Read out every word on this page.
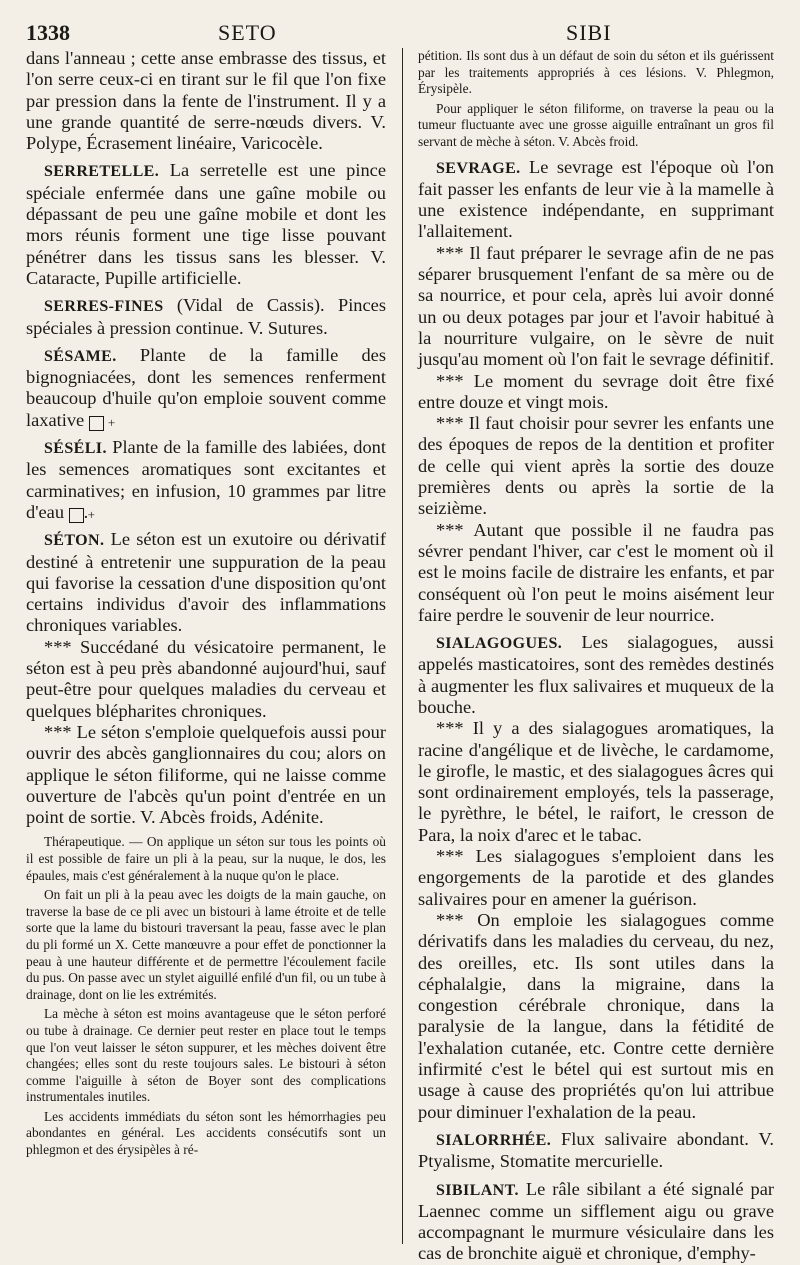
1338	SETO	SIBI

dans l'anneau ; cette anse embrasse des tissus, et l'on serre ceux-ci en tirant sur le fil que l'on fixe par pression dans la fente de l'instrument. Il y a une grande quantité de serre-nœuds divers. V. Polype, Écrasement linéaire, Varicocèle.

SERRETELLE. La serretelle est une pince spéciale enfermée dans une gaîne mobile ou dépassant de peu une gaîne mobile et dont les mors réunis forment une tige lisse pouvant pénétrer dans les tissus sans les blesser. V. Cataracte, Pupille artificielle.

SERRES-FINES (Vidal de Cassis). Pinces spéciales à pression continue. V. Sutures.

SÉSAME. Plante de la famille des bignogniacées, dont les semences renferment beaucoup d'huile qu'on emploie souvent comme laxative +

SÉSÉLI. Plante de la famille des labiées, dont les semences aromatiques sont excitantes et carminatives; en infusion, 10 grammes par litre d'eau +.

SÉTON. Le séton est un exutoire ou dérivatif destiné à entretenir une suppuration de la peau qui favorise la cessation d'une disposition qu'ont certains individus d'avoir des inflammations chroniques variables.

*** Succédané du vésicatoire permanent, le séton est à peu près abandonné aujourd'hui, sauf peut-être pour quelques maladies du cerveau et quelques blépharites chroniques.

*** Le séton s'emploie quelquefois aussi pour ouvrir des abcès ganglionnaires du cou; alors on applique le séton filiforme, qui ne laisse comme ouverture de l'abcès qu'un point d'entrée en un point de sortie. V. Abcès froids, Adénite.

Thérapeutique. — On applique un séton sur tous les points où il est possible de faire un pli à la peau, sur la nuque, le dos, les épaules, mais c'est généralement à la nuque qu'on le place.

On fait un pli à la peau avec les doigts de la main gauche, on traverse la base de ce pli avec un bistouri à lame étroite et de telle sorte que la lame du bistouri traversant la peau, fasse avec le plan du pli formé un X. Cette manœuvre a pour effet de ponctionner la peau à une hauteur différente et de permettre l'écoulement facile du pus. On passe avec un stylet aiguillé enfilé d'un fil, ou un tube à drainage, dont on lie les extrémités.

La mèche à séton est moins avantageuse que le séton perforé ou tube à drainage. Ce dernier peut rester en place tout le temps que l'on veut laisser le séton suppurer, et les mèches doivent être changées; elles sont du reste toujours sales. Le bistouri à séton comme l'aiguille à séton de Boyer sont des complications instrumentales inutiles.

Les accidents immédiats du séton sont les hémorrhagies peu abondantes en général. Les accidents consécutifs sont un phlegmon et des érysipèles à ré-

pétition. Ils sont dus à un défaut de soin du séton et ils guérissent par les traitements appropriés à ces lésions. V. Phlegmon, Érysipèle.

Pour appliquer le séton filiforme, on traverse la peau ou la tumeur fluctuante avec une grosse aiguille entraînant un gros fil servant de mèche à séton. V. Abcès froid.

SEVRAGE. Le sevrage est l'époque où l'on fait passer les enfants de leur vie à la mamelle à une existence indépendante, en supprimant l'allaitement.

*** Il faut préparer le sevrage afin de ne pas séparer brusquement l'enfant de sa mère ou de sa nourrice, et pour cela, après lui avoir donné un ou deux potages par jour et l'avoir habitué à la nourriture vulgaire, on le sèvre de nuit jusqu'au moment où l'on fait le sevrage définitif.

*** Le moment du sevrage doit être fixé entre douze et vingt mois.

*** Il faut choisir pour sevrer les enfants une des époques de repos de la dentition et profiter de celle qui vient après la sortie des douze premières dents ou après la sortie de la seizième.

*** Autant que possible il ne faudra pas sévrer pendant l'hiver, car c'est le moment où il est le moins facile de distraire les enfants, et par conséquent où l'on peut le moins aisément leur faire perdre le souvenir de leur nourrice.

SIALAGOGUES. Les sialagogues, aussi appelés masticatoires, sont des remèdes destinés à augmenter les flux salivaires et muqueux de la bouche.

*** Il y a des sialagogues aromatiques, la racine d'angélique et de livèche, le cardamome, le girofle, le mastic, et des sialagogues âcres qui sont ordinairement employés, tels la passerage, le pyrèthre, le bétel, le raifort, le cresson de Para, la noix d'arec et le tabac.

*** Les sialagogues s'emploient dans les engorgements de la parotide et des glandes salivaires pour en amener la guérison.

*** On emploie les sialagogues comme dérivatifs dans les maladies du cerveau, du nez, des oreilles, etc. Ils sont utiles dans la céphalalgie, dans la migraine, dans la congestion cérébrale chronique, dans la paralysie de la langue, dans la fétidité de l'exhalation cutanée, etc. Contre cette dernière infirmité c'est le bétel qui est surtout mis en usage à cause des propriétés qu'on lui attribue pour diminuer l'exhalation de la peau.

SIALORRHÉE. Flux salivaire abondant. V. Ptyalisme, Stomatite mercurielle.

SIBILANT. Le râle sibilant a été signalé par Laennec comme un sifflement aigu ou grave accompagnant le murmure vésiculaire dans les cas de bronchite aiguë et chronique, d'emphy-
